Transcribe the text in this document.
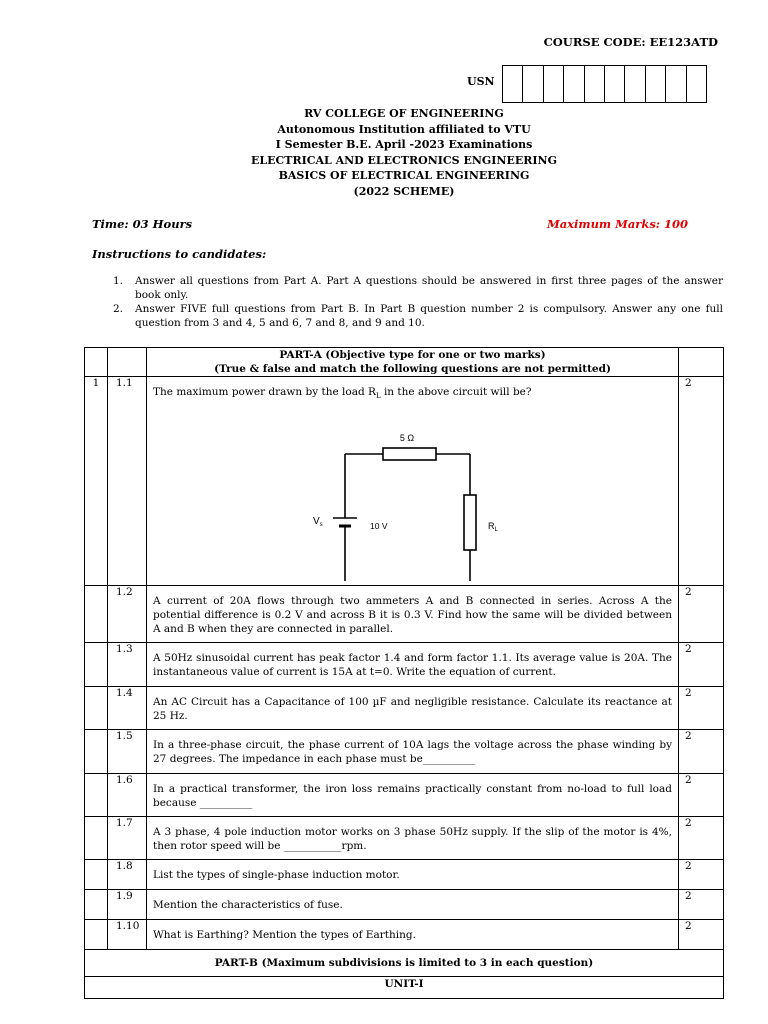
COURSE CODE: EE123ATD
USN
RV COLLEGE OF ENGINEERING
Autonomous Institution affiliated to VTU
I Semester B.E. April -2023 Examinations
ELECTRICAL AND ELECTRONICS ENGINEERING
BASICS OF ELECTRICAL ENGINEERING
(2022 SCHEME)
Time: 03 Hours	Maximum Marks: 100
Instructions to candidates:
1.	Answer all questions from Part A. Part A questions should be answered in first three pages of the answer book only.
2.	Answer FIVE full questions from Part B. In Part B question number 2 is compulsory. Answer any one full question from 3 and 4, 5 and 6, 7 and 8, and 9 and 10.

		PART-A (Objective type for one or two marks)
(True & false and match the following questions are not permitted)	

1	1.1	The maximum power drawn by the load $R_L$ in the above circuit will be?
5 Ω
$V_s$ 10 V $R_L$	2
	1.2	A current of 20A flows through two ammeters A and B connected in series. Across A the potential difference is 0.2 V and across B it is 0.3 V. Find how the same will be divided between A and B when they are connected in parallel.	2
	1.3	A 50Hz sinusoidal current has peak factor 1.4 and form factor 1.1. Its average value is 20A. The instantaneous value of current is 15A at t=0. Write the equation of current.	2
	1.4	An AC Circuit has a Capacitance of 100 µF and negligible resistance. Calculate its reactance at 25 Hz.	2
	1.5	In a three-phase circuit, the phase current of 10A lags the voltage across the phase winding by 27 degrees. The impedance in each phase must be__________	2
	1.6	In a practical transformer, the iron loss remains practically constant from no-load to full load because __________	2
	1.7	A 3 phase, 4 pole induction motor works on 3 phase 50Hz supply. If the slip of the motor is 4%, then rotor speed will be ___________rpm.	2
	1.8	List the types of single-phase induction motor.	2
	1.9	Mention the characteristics of fuse.	2
	1.10	What is Earthing? Mention the types of Earthing.	2
PART-B (Maximum subdivisions is limited to 3 in each question)			
UNIT-I			
